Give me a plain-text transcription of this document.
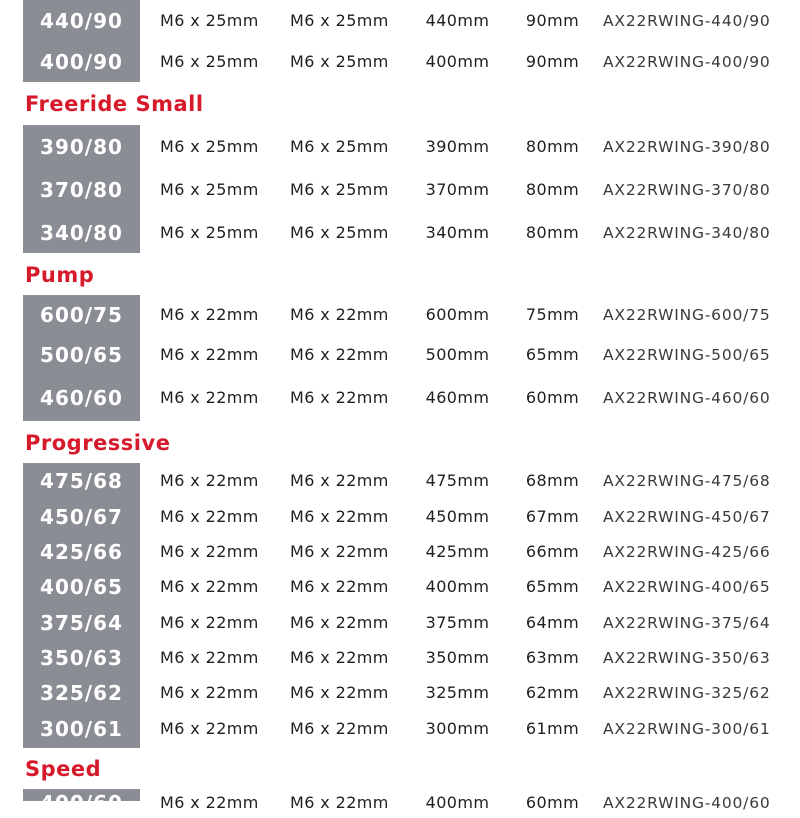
Freeride Small
Pump
Progressive
Speed
440/90	M6 x 25mm M6 x 25mm	440mm	90mm	AX22RWING-440/90
400/90	M6 x 25mm M6 x 25mm	400mm	90mm	AX22RWING-400/90
390/80	M6 x 25mm M6 x 25mm	390mm	80mm	AX22RWING-390/80
370/80	M6 x 25mm M6 x 25mm	370mm	80mm	AX22RWING-370/80
340/80	M6 x 25mm M6 x 25mm	340mm	80mm	AX22RWING-340/80
600/75	M6 x 22mm M6 x 22mm	600mm	75mm	AX22RWING-600/75
500/65	M6 x 22mm M6 x 22mm	500mm	65mm	AX22RWING-500/65
460/60	M6 x 22mm M6 x 22mm	460mm	60mm	AX22RWING-460/60
475/68	M6 x 22mm M6 x 22mm	475mm	68mm	AX22RWING-475/68
450/67	M6 x 22mm M6 x 22mm	450mm	67mm	AX22RWING-450/67
425/66	M6 x 22mm M6 x 22mm	425mm	66mm	AX22RWING-425/66
400/65	M6 x 22mm M6 x 22mm	400mm	65mm	AX22RWING-400/65
375/64	M6 x 22mm M6 x 22mm	375mm	64mm	AX22RWING-375/64
350/63	M6 x 22mm M6 x 22mm	350mm	63mm	AX22RWING-350/63
325/62	M6 x 22mm M6 x 22mm	325mm	62mm	AX22RWING-325/62
300/61	M6 x 22mm M6 x 22mm	300mm	61mm	AX22RWING-300/61
400/60	M6 x 22mm M6 x 22mm	400mm	60mm	AX22RWING-400/60
